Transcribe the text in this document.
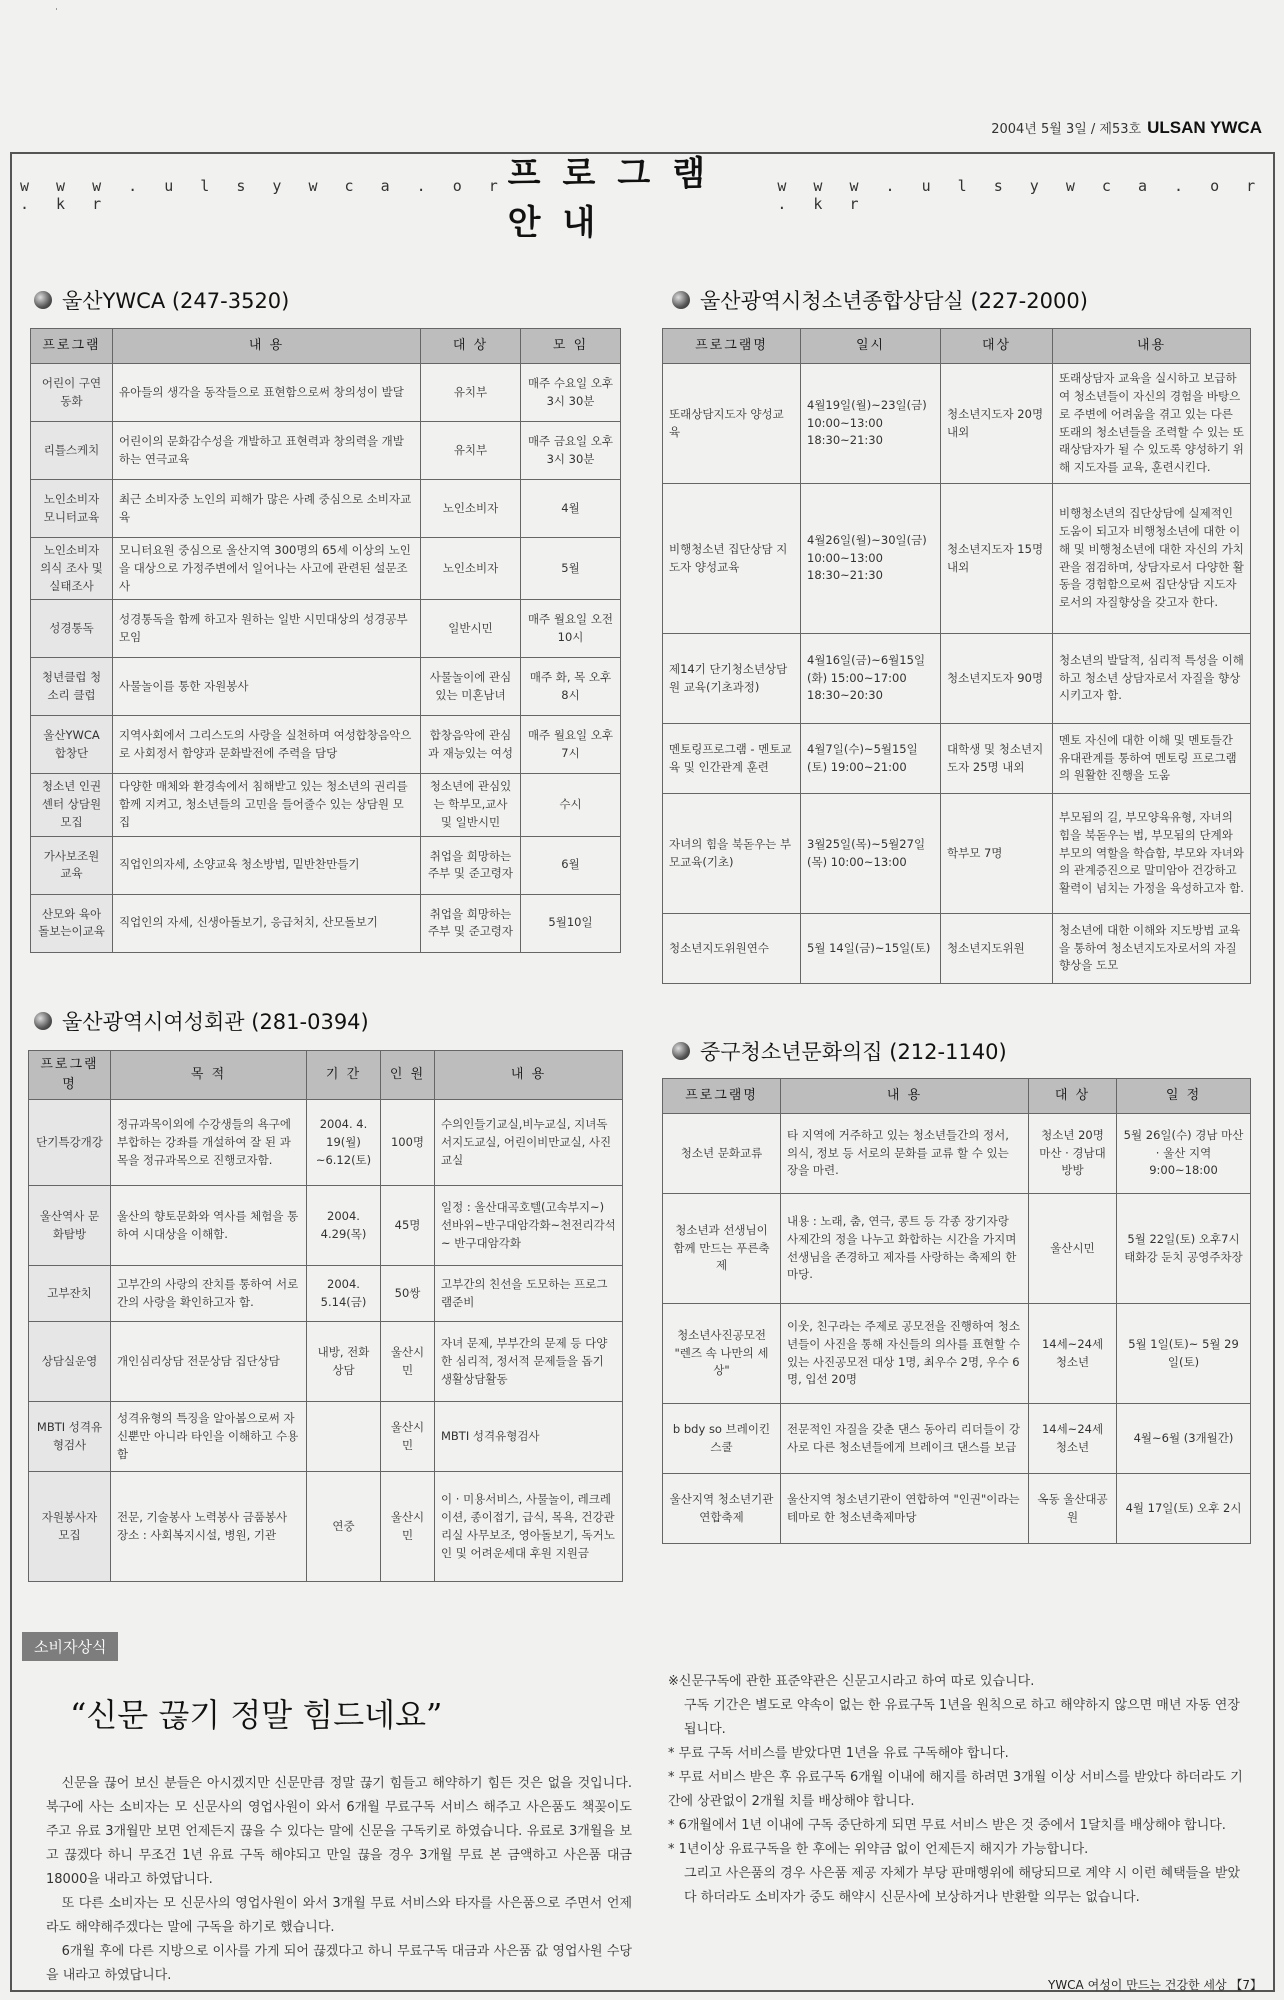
˙
2004년 5월 3일 / 제53호 ULSAN YWCA
w w w . u l s y w c a . o r . k r
프로그램안내
w w w . u l s y w c a . o r . k r
울산YWCA (247-3520)
프로그램	내 용	대 상	모 임
어린이 구연동화	유아들의 생각을 동작들으로 표현함으로써 창의성이 발달	유치부	매주 수요일 오후3시 30분
리틀스케치	어린이의 문화감수성을 개발하고 표현력과 창의력을 개발하는 연극교육	유치부	매주 금요일 오후 3시 30분
노인소비자 모니터교육	최근 소비자중 노인의 피해가 많은 사례 중심으로 소비자교육	노인소비자	4월
노인소비자 의식 조사 및 실태조사	모니터요원 중심으로 울산지역 300명의 65세 이상의 노인을 대상으로 가정주변에서 일어나는 사고에 관련된 설문조사	노인소비자	5월
성경통독	성경통독을 함께 하고자 원하는 일반 시민대상의 성경공부 모임	일반시민	매주 월요일 오전 10시
청년클럽 청소리 클럽	사물놀이를 통한 자원봉사	사물놀이에 관심 있는 미혼남녀	매주 화, 목 오후 8시
울산YWCA 합창단	지역사회에서 그리스도의 사랑을 실천하며 여성합창음악으로 사회정서 함양과 문화발전에 주력을 담당	합창음악에 관심과 재능있는 여성	매주 월요일 오후 7시
청소년 인권센터 상담원 모집	다양한 매체와 환경속에서 침해받고 있는 청소년의 권리를 함께 지켜고, 청소년들의 고민을 들어줄수 있는 상담원 모집	청소년에 관심있는 학부모,교사 및 일반시민	수시
가사보조원 교육	직업인의자세, 소양교육 청소방법, 밑반찬만들기	취업을 희망하는 주부 및 준고령자	6월
산모와 육아 돌보는이교육	직업인의 자세, 신생아돌보기, 응급처치, 산모돌보기	취업을 희망하는 주부 및 준고령자	5월10일
울산광역시청소년종합상담실 (227-2000)
프로그램명	일시	대상	내용
또래상담지도자 양성교육	4월19일(월)~23일(금) 10:00~13:00 18:30~21:30	청소년지도자 20명 내외	또래상담자 교육을 실시하고 보급하여 청소년들이 자신의 경험을 바탕으로 주변에 어려움을 겪고 있는 다른 또래의 청소년들을 조력할 수 있는 또래상담자가 될 수 있도록 양성하기 위해 지도자를 교육, 훈련시킨다.
비행청소년 집단상담 지도자 양성교육	4월26일(월)~30일(금) 10:00~13:00 18:30~21:30	청소년지도자 15명 내외	비행청소년의 집단상담에 실제적인 도움이 되고자 비행청소년에 대한 이해 및 비행청소년에 대한 자신의 가치관을 점검하며, 상담자로서 다양한 활동을 경험함으로써 집단상담 지도자로서의 자질향상을 갖고자 한다.
제14기 단기청소년상담원 교육(기초과정)	4월16일(금)~6월15일(화) 15:00~17:00 18:30~20:30	청소년지도자 90명	청소년의 발달적, 심리적 특성을 이해하고 청소년 상담자로서 자질을 향상시키고자 함.
멘토링프로그램 - 멘토교육 및 인간관계 훈련	4월7일(수)~5월15일(토) 19:00~21:00	대학생 및 청소년지도자 25명 내외	멘토 자신에 대한 이해 및 멘토들간 유대관계를 통하여 멘토링 프로그램의 원활한 진행을 도움
자녀의 힘을 북돋우는 부모교육(기초)	3월25일(목)~5월27일(목) 10:00~13:00	학부모 7명	부모됨의 길, 부모양육유형, 자녀의 힘을 북돋우는 법, 부모됨의 단계와 부모의 역할을 학습함, 부모와 자녀와의 관계증진으로 말미암아 건강하고 활력이 넘치는 가정을 육성하고자 함.
청소년지도위원연수	5월 14일(금)~15일(토)	청소년지도위원	청소년에 대한 이해와 지도방법 교육을 통하여 청소년지도자로서의 자질향상을 도모
울산광역시여성회관 (281-0394)
프로그램명	목 적	기 간	인 원	내 용
단기특강개강	정규과목이외에 수강생들의 욕구에 부합하는 강좌를 개설하여 잘 된 과목을 정규과목으로 진행코자함.	2004. 4. 19(월) ~6.12(토)	100명	수의인들기교실,비누교실, 지녀독서지도교실, 어린이비만교실, 사진교실
울산역사 문화탐방	울산의 향토문화와 역사를 체험을 통하여 시대상을 이해함.	2004. 4.29(목)	45명	일정 : 울산대곡호텔(고속부지~) 선바위~반구대암각화~천전리각석~ 반구대암각화
고부잔치	고부간의 사랑의 잔치를 통하여 서로간의 사랑을 확인하고자 함.	2004. 5.14(금)	50쌍	고부간의 친선을 도모하는 프로그램준비
상담실운영	개인심리상담 전문상담 집단상담	내방, 전화상담	울산시민	자녀 문제, 부부간의 문제 등 다양한 심리적, 정서적 문제들을 돕기 생활상담활동
MBTI 성격유형검사	성격유형의 특징을 알아봄으로써 자신뿐만 아니라 타인을 이해하고 수용함		울산시민	MBTI 성격유형검사
자원봉사자 모집	전문, 기술봉사 노력봉사 금품봉사 장소 : 사회복지시설, 병원, 기관	연중	울산시민	이 · 미용서비스, 사물놀이, 레크레이션, 종이접기, 급식, 목욕, 건강관리실 사무보조, 영아돌보기, 독거노인 및 어려운세대 후원 지원금
중구청소년문화의집 (212-1140)
프로그램명	내 용	대 상	일 정
청소년 문화교류	타 지역에 거주하고 있는 청소년들간의 정서, 의식, 정보 등 서로의 문화를 교류 할 수 있는 장을 마련.	청소년 20명 마산 · 경남대방방	5월 26일(수) 경남 마산 · 울산 지역 9:00~18:00
청소년과 선생님이 함께 만드는 푸른축제	내용 : 노래, 춤, 연극, 콩트 등 각종 장기자랑 사제간의 정을 나누고 화합하는 시간을 가지며 선생님을 존경하고 제자를 사랑하는 축제의 한 마당.	울산시민	5월 22일(토) 오후7시 태화강 둔치 공영주차장
청소년사진공모전 "렌즈 속 나만의 세상"	이웃, 친구라는 주제로 공모전을 진행하여 청소년들이 사진을 통해 자신들의 의사를 표현할 수 있는 사진공모전 대상 1명, 최우수 2명, 우수 6명, 입선 20명	14세~24세 청소년	5월 1일(토)~ 5월 29일(토)
b bdy so 브레이킨 스쿨	전문적인 자질을 갖춘 댄스 동아리 리더들이 강사로 다른 청소년들에게 브레이크 댄스를 보급	14세~24세 청소년	4월~6월 (3개월간)
울산지역 청소년기관 연합축제	울산지역 청소년기관이 연합하여 "인권"이라는 테마로 한 청소년축제마당	옥동 울산대공원	4월 17일(토) 오후 2시
소비자상식
“신문 끊기 정말 힘드네요”

신문을 끊어 보신 분들은 아시겠지만 신문만큼 정말 끊기 힘들고 해약하기 힘든 것은 없을 것입니다. 북구에 사는 소비자는 모 신문사의 영업사원이 와서 6개월 무료구독 서비스 해주고 사은품도 책꽂이도 주고 유료 3개월만 보면 언제든지 끊을 수 있다는 말에 신문을 구독키로 하였습니다. 유료로 3개월을 보고 끊겠다 하니 무조건 1년 유료 구독 해야되고 만일 끊을 경우 3개월 무료 본 금액하고 사은품 대금 18000을 내라고 하였답니다.

또 다른 소비자는 모 신문사의 영업사원이 와서 3개월 무료 서비스와 타자를 사은품으로 주면서 언제라도 해약해주겠다는 말에 구독을 하기로 했습니다.

6개월 후에 다른 지방으로 이사를 가게 되어 끊겠다고 하니 무료구독 대금과 사은품 값 영업사원 수당을 내라고 하였답니다.

※신문구독에 관한 표준약관은 신문고시라고 하여 따로 있습니다.

구독 기간은 별도로 약속이 없는 한 유료구독 1년을 원칙으로 하고 해약하지 않으면 매년 자동 연장됩니다.

* 무료 구독 서비스를 받았다면 1년을 유료 구독해야 합니다.

* 무료 서비스 받은 후 유료구독 6개월 이내에 해지를 하려면 3개월 이상 서비스를 받았다 하더라도 기간에 상관없이 2개월 치를 배상해야 합니다.

* 6개월에서 1년 이내에 구독 중단하게 되면 무료 서비스 받은 것 중에서 1달치를 배상해야 합니다.

* 1년이상 유료구독을 한 후에는 위약금 없이 언제든지 해지가 가능합니다.

그리고 사은품의 경우 사은품 제공 자체가 부당 판매행위에 해당되므로 계약 시 이런 혜택들을 받았다 하더라도 소비자가 중도 해약시 신문사에 보상하거나 반환할 의무는 없습니다.

YWCA 여성이 만드는 건강한 세상 【7】
